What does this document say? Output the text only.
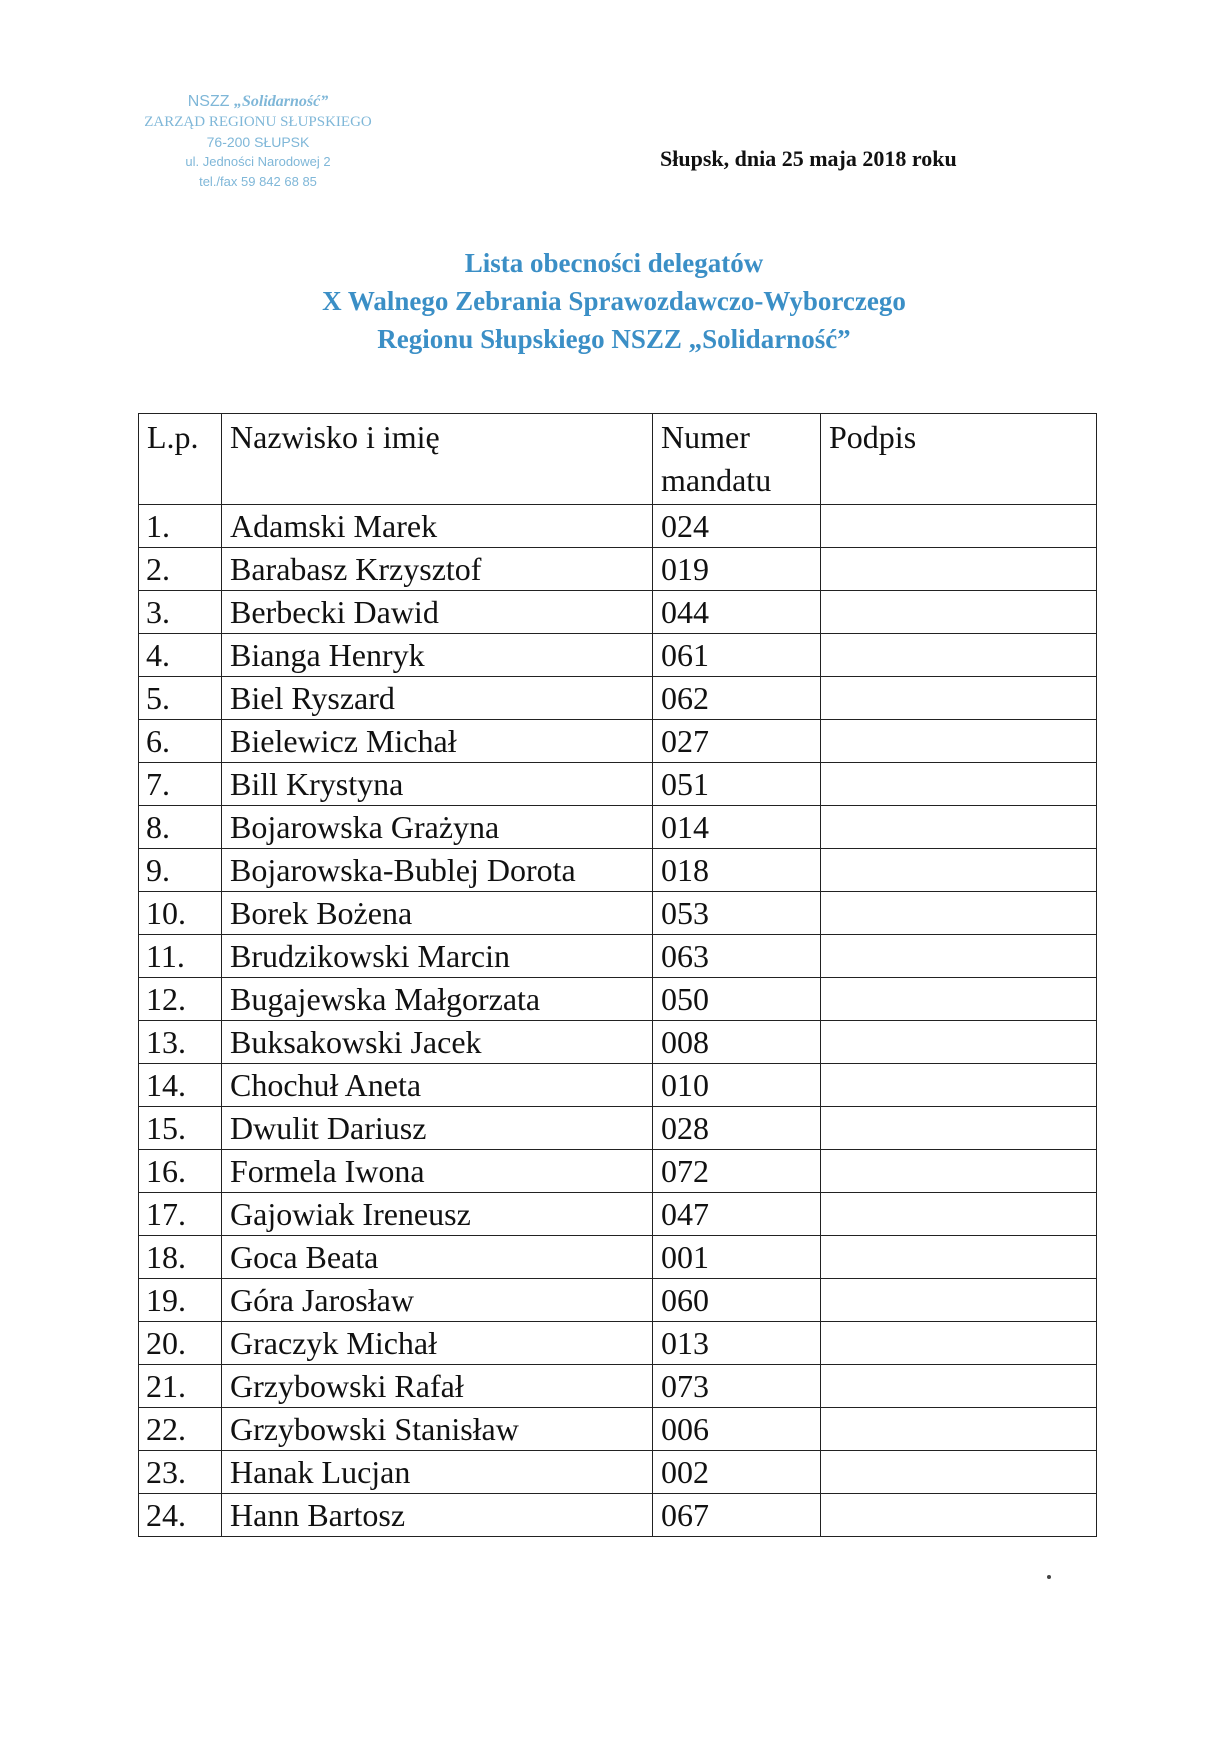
NSZZ „Solidarność”
ZARZĄD REGIONU SŁUPSKIEGO
76-200 SŁUPSK
ul. Jedności Narodowej 2
tel./fax 59 842 68 85
Słupsk, dnia 25 maja 2018 roku
Lista obecności delegatów
X Walnego Zebrania Sprawozdawczo-Wyborczego
Regionu Słupskiego NSZZ „Solidarność”
L.p.	Nazwisko i imię	Numer mandatu	Podpis
1.	Adamski Marek	024	
2.	Barabasz Krzysztof	019	
3.	Berbecki Dawid	044	
4.	Bianga Henryk	061	
5.	Biel Ryszard	062	
6.	Bielewicz Michał	027	
7.	Bill Krystyna	051	
8.	Bojarowska Grażyna	014	
9.	Bojarowska-Bublej Dorota	018	
10.	Borek Bożena	053	
11.	Brudzikowski Marcin	063	
12.	Bugajewska Małgorzata	050	
13.	Buksakowski Jacek	008	
14.	Chochuł Aneta	010	
15.	Dwulit Dariusz	028	
16.	Formela Iwona	072	
17.	Gajowiak Ireneusz	047	
18.	Goca Beata	001	
19.	Góra Jarosław	060	
20.	Graczyk Michał	013	
21.	Grzybowski Rafał	073	
22.	Grzybowski Stanisław	006	
23.	Hanak Lucjan	002	
24.	Hann Bartosz	067	
